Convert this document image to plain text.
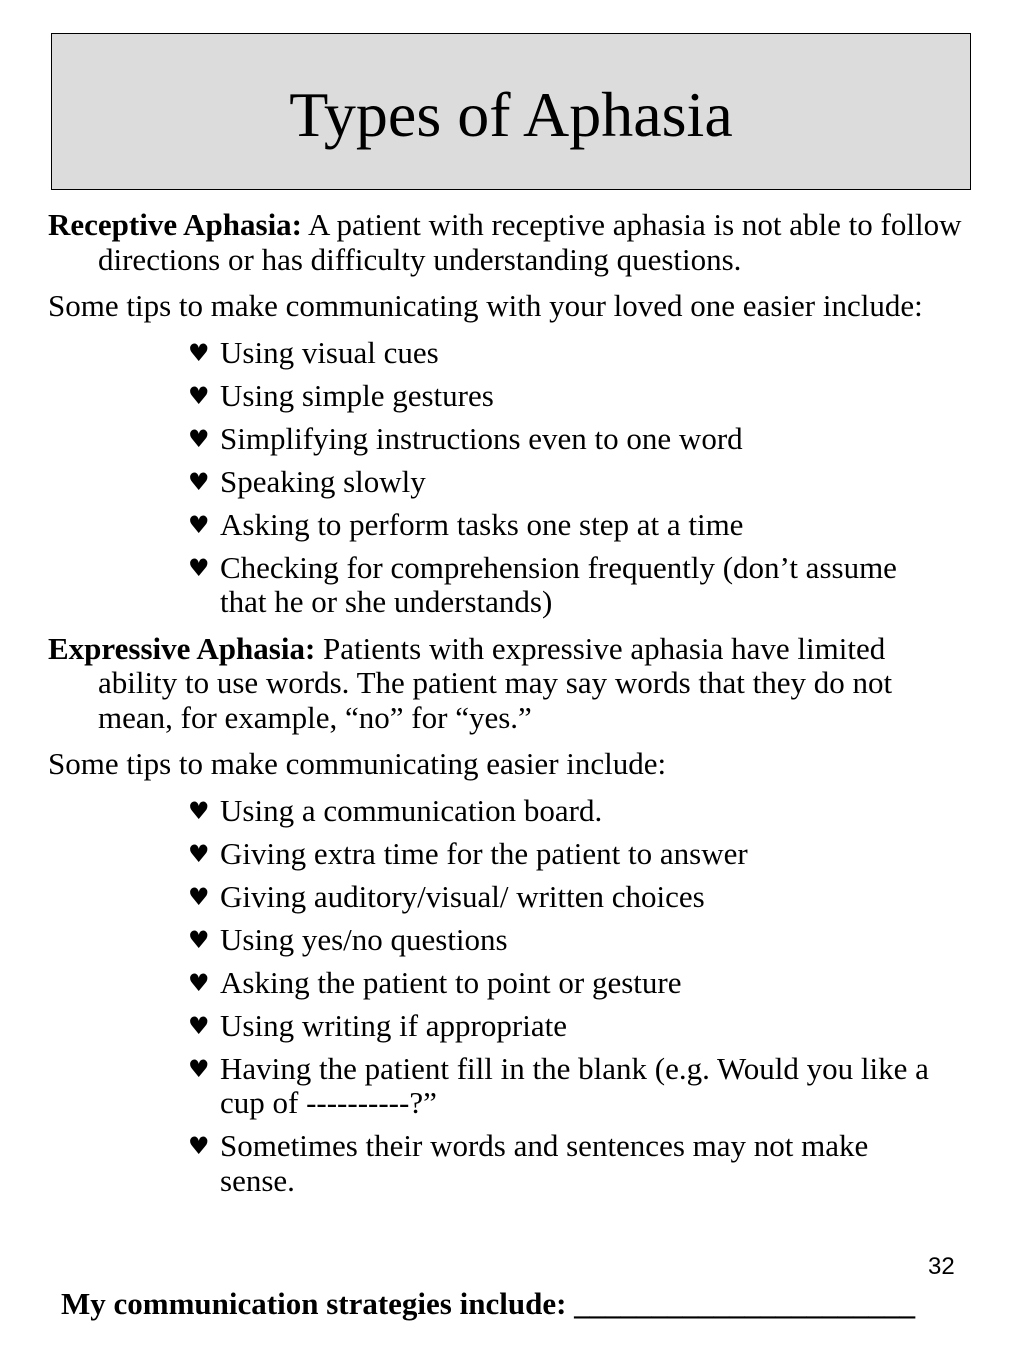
Types of Aphasia

Receptive Aphasia: A patient with receptive aphasia is not able to follow directions or has difficulty understanding questions.

Some tips to make communicating with your loved one easier include:

♥ Using visual cues
♥ Using simple gestures
♥ Simplifying instructions even to one word
♥ Speaking slowly
♥ Asking to perform tasks one step at a time
♥ Checking for comprehension frequently (don’t assume that he or she understands)

Expressive Aphasia: Patients with expressive aphasia have limited ability to use words. The patient may say words that they do not mean, for example, “no” for “yes.”

Some tips to make communicating easier include:

♥ Using a communication board.
♥ Giving extra time for the patient to answer
♥ Giving auditory/visual/ written choices
♥ Using yes/no questions
♥ Asking the patient to point or gesture
♥ Using writing if appropriate
♥ Having the patient fill in the blank (e.g. Would you like a cup of ----------?”
♥ Sometimes their words and sentences may not make sense.
32
My communication strategies include: ______________________
